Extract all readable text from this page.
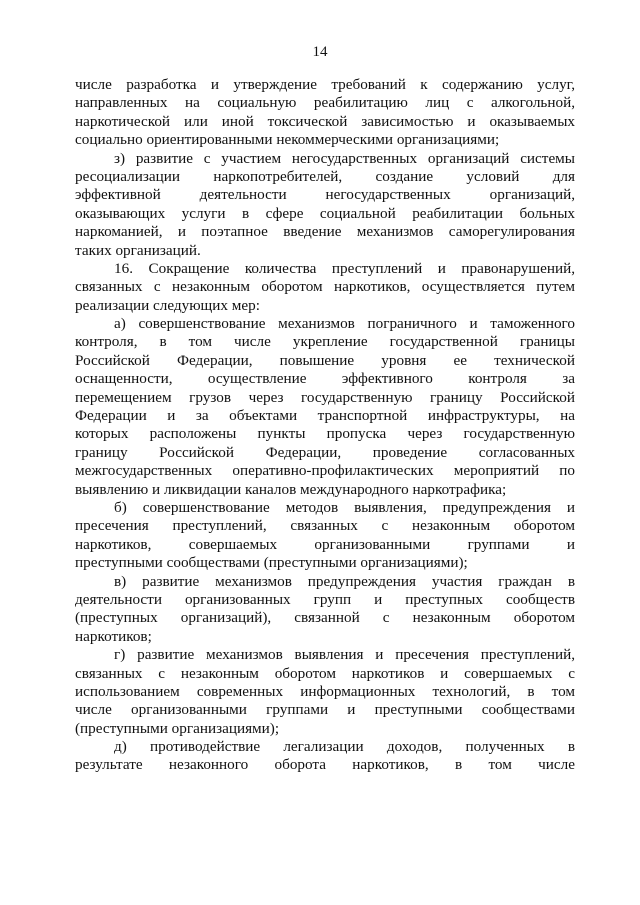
14
числе разработка и утверждение требований к содержанию услуг,
направленных на социальную реабилитацию лиц с алкогольной,
наркотической или иной токсической зависимостью и оказываемых
социально ориентированными некоммерческими организациями;
з) развитие с участием негосударственных организаций системы
ресоциализации наркопотребителей, создание условий для
эффективной деятельности негосударственных организаций,
оказывающих услуги в сфере социальной реабилитации больных
наркоманией, и поэтапное введение механизмов саморегулирования
таких организаций.
16. Сокращение количества преступлений и правонарушений,
связанных с незаконным оборотом наркотиков, осуществляется путем
реализации следующих мер:
а) совершенствование механизмов пограничного и таможенного
контроля, в том числе укрепление государственной границы
Российской Федерации, повышение уровня ее технической
оснащенности, осуществление эффективного контроля за
перемещением грузов через государственную границу Российской
Федерации и за объектами транспортной инфраструктуры, на
которых расположены пункты пропуска через государственную
границу Российской Федерации, проведение согласованных
межгосударственных оперативно-профилактических мероприятий по
выявлению и ликвидации каналов международного наркотрафика;
б) совершенствование методов выявления, предупреждения и
пресечения преступлений, связанных с незаконным оборотом
наркотиков, совершаемых организованными группами и
преступными сообществами (преступными организациями);
в) развитие механизмов предупреждения участия граждан в
деятельности организованных групп и преступных сообществ
(преступных организаций), связанной с незаконным оборотом
наркотиков;
г) развитие механизмов выявления и пресечения преступлений,
связанных с незаконным оборотом наркотиков и совершаемых с
использованием современных информационных технологий, в том
числе организованными группами и преступными сообществами
(преступными организациями);
д) противодействие легализации доходов, полученных в
результате незаконного оборота наркотиков, в том числе
